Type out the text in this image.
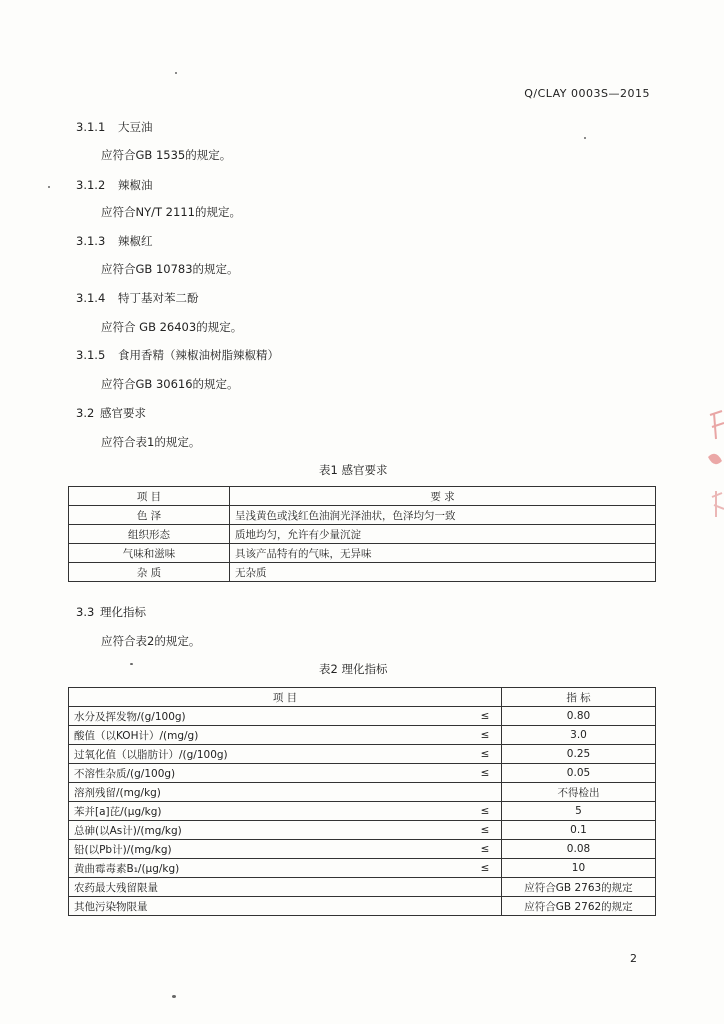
Q/CLAY 0003S—2015
3.1.1 大豆油
应符合GB 1535的规定。
3.1.2 辣椒油
应符合NY/T 2111的规定。
3.1.3 辣椒红
应符合GB 10783的规定。
3.1.4 特丁基对苯二酚
应符合 GB 26403的规定。
3.1.5 食用香精（辣椒油树脂辣椒精）
应符合GB 30616的规定。
3.2 感官要求
应符合表1的规定。
表1 感官要求
项 目	要 求
色 泽	呈浅黄色或浅红色油润光泽油状，色泽均匀一致
组织形态	质地均匀，允许有少量沉淀
气味和滋味	具该产品特有的气味，无异味
杂 质	无杂质
3.3 理化指标
应符合表2的规定。
表2 理化指标
项 目		指 标
水分及挥发物/(g/100g)	≤	0.80
酸值（以KOH计）/(mg/g)	≤	3.0
过氧化值（以脂肪计）/(g/100g)	≤	0.25
不溶性杂质/(g/100g)	≤	0.05
溶剂残留/(mg/kg)		不得检出
苯并[a]芘/(μg/kg)	≤	5
总砷(以As计)/(mg/kg)	≤	0.1
铅(以Pb计)/(mg/kg)	≤	0.08
黄曲霉毒素B₁/(μg/kg)	≤	10
农药最大残留限量		应符合GB 2763的规定
其他污染物限量		应符合GB 2762的规定
2
